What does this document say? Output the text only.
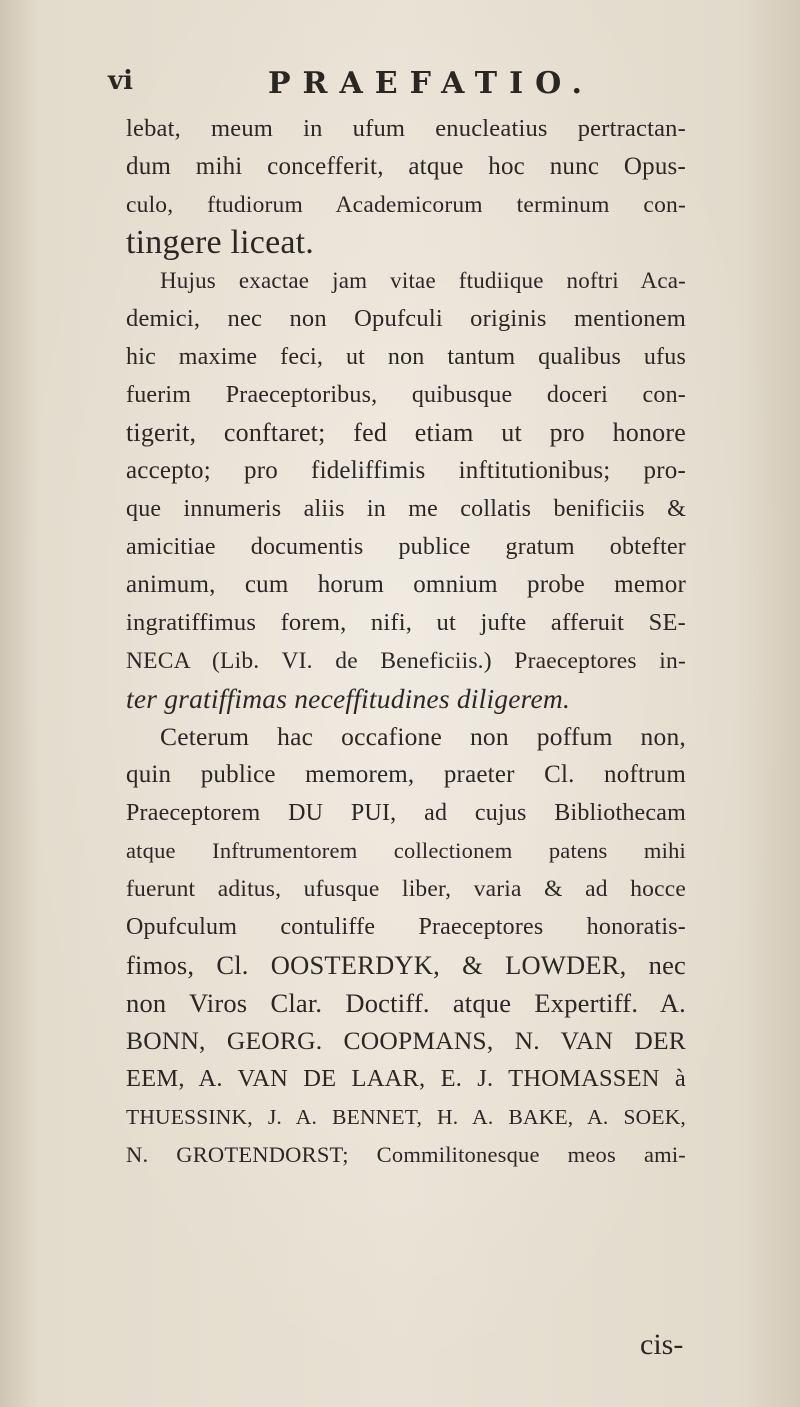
vi	PRAEFATIO.
lebat, meum in ufum enucleatius pertractan-
dum mihi concefferit, atque hoc nunc Opus-
culo, ftudiorum Academicorum terminum con-
tingere liceat.
Hujus exactae jam vitae ftudiique noftri Aca-
demici, nec non Opufculi originis mentionem
hic maxime feci, ut non tantum qualibus ufus
fuerim Praeceptoribus, quibusque doceri con-
tigerit, conftaret; fed etiam ut pro honore
accepto; pro fideliffimis inftitutionibus; pro-
que innumeris aliis in me collatis benificiis &
amicitiae documentis publice gratum obtefter
animum, cum horum omnium probe memor
ingratiffimus forem, nifi, ut jufte afferuit SE-
NECA (Lib. VI. de Beneficiis.) Praeceptores in-
ter gratiffimas neceffitudines diligerem.
Ceterum hac occafione non poffum non,
quin publice memorem, praeter Cl. noftrum
Praeceptorem DU PUI, ad cujus Bibliothecam
atque Inftrumentorem collectionem patens mihi
fuerunt aditus, ufusque liber, varia & ad hocce
Opufculum contuliffe Praeceptores honoratis-
fimos, Cl. OOSTERDYK, & LOWDER, nec
non Viros Clar. Doctiff. atque Expertiff. A.
BONN, GEORG. COOPMANS, N. VAN DER
EEM, A. VAN DE LAAR, E. J. THOMASSEN à
THUESSINK, J. A. BENNET, H. A. BAKE, A. SOEK,
N. GROTENDORST; Commilitonesque meos ami-
cis-
